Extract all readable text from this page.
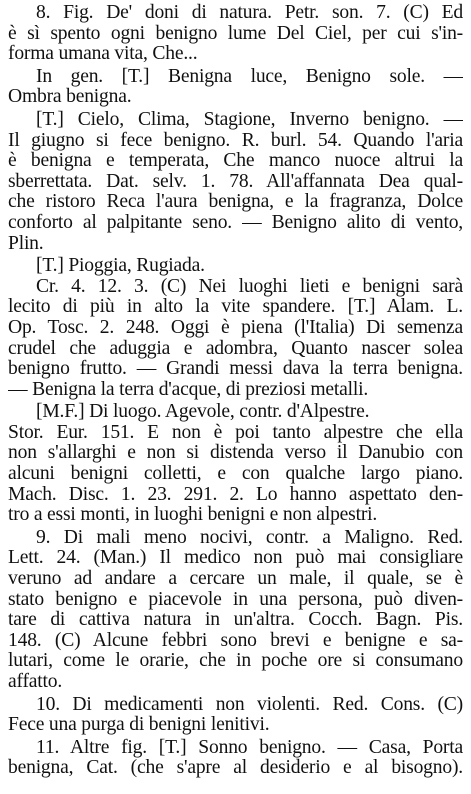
8. Fig. De' doni di natura. Petr. son. 7. (C) Ed
è sì spento ogni benigno lume Del Ciel, per cui s'in-
forma umana vita, Che...
In gen. [T.] Benigna luce, Benigno sole. —
Ombra benigna.
[T.] Cielo, Clima, Stagione, Inverno benigno. —
Il giugno si fece benigno. R. burl. 54. Quando l'aria
è benigna e temperata, Che manco nuoce altrui la
sberrettata. Dat. selv. 1. 78. All'affannata Dea qual-
che ristoro Reca l'aura benigna, e la fragranza, Dolce
conforto al palpitante seno. — Benigno alito di vento,
Plin.
[T.] Pioggia, Rugiada.
Cr. 4. 12. 3. (C) Nei luoghi lieti e benigni sarà
lecito di più in alto la vite spandere. [T.] Alam. L.
Op. Tosc. 2. 248. Oggi è piena (l'Italia) Di semenza
crudel che aduggia e adombra, Quanto nascer solea
benigno frutto. — Grandi messi dava la terra benigna.
— Benigna la terra d'acque, di preziosi metalli.
[M.F.] Di luogo. Agevole, contr. d'Alpestre.
Stor. Eur. 151. E non è poi tanto alpestre che ella
non s'allarghi e non si distenda verso il Danubio con
alcuni benigni colletti, e con qualche largo piano.
Mach. Disc. 1. 23. 291. 2. Lo hanno aspettato den-
tro a essi monti, in luoghi benigni e non alpestri.
9. Di mali meno nocivi, contr. a Maligno. Red.
Lett. 24. (Man.) Il medico non può mai consigliare
veruno ad andare a cercare un male, il quale, se è
stato benigno e piacevole in una persona, può diven-
tare di cattiva natura in un'altra. Cocch. Bagn. Pis.
148. (C) Alcune febbri sono brevi e benigne e sa-
lutari, come le orarie, che in poche ore si consumano
affatto.
10. Di medicamenti non violenti. Red. Cons. (C)
Fece una purga di benigni lenitivi.
11. Altre fig. [T.] Sonno benigno. — Casa, Porta
benigna, Cat. (che s'apre al desiderio e al bisogno).
